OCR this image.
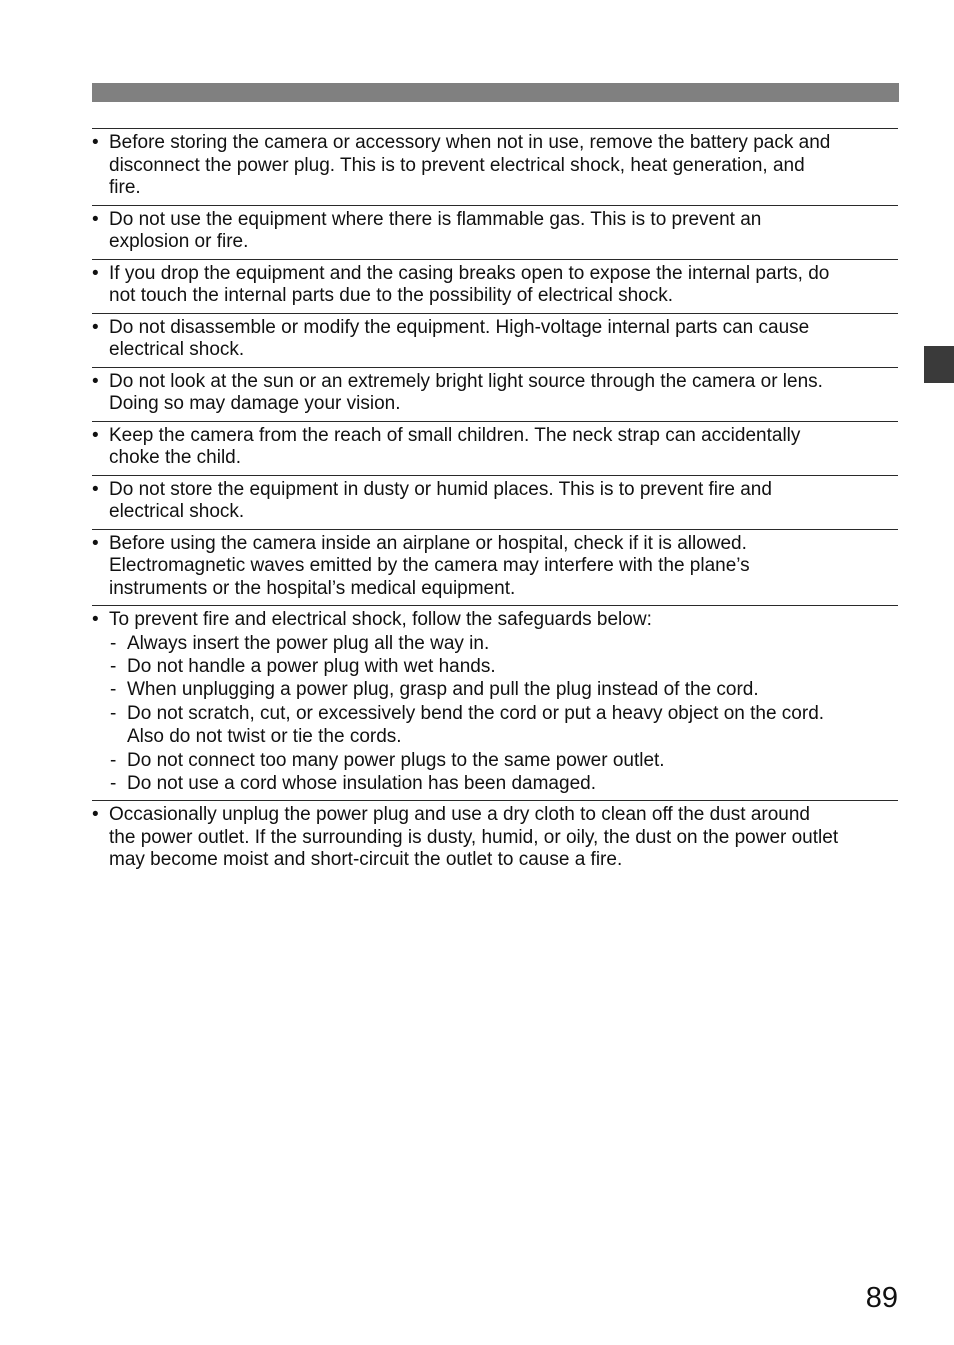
• Before storing the camera or accessory when not in use, remove the battery pack and
disconnect the power plug. This is to prevent electrical shock, heat generation, and
fire.
• Do not use the equipment where there is flammable gas. This is to prevent an
explosion or fire.
• If you drop the equipment and the casing breaks open to expose the internal parts, do
not touch the internal parts due to the possibility of electrical shock.
• Do not disassemble or modify the equipment. High-voltage internal parts can cause
electrical shock.
• Do not look at the sun or an extremely bright light source through the camera or lens.
Doing so may damage your vision.
• Keep the camera from the reach of small children. The neck strap can accidentally
choke the child.
• Do not store the equipment in dusty or humid places. This is to prevent fire and
electrical shock.
• Before using the camera inside an airplane or hospital, check if it is allowed.
Electromagnetic waves emitted by the camera may interfere with the plane’s
instruments or the hospital’s medical equipment.
• To prevent fire and electrical shock, follow the safeguards below:
- Always insert the power plug all the way in.
- Do not handle a power plug with wet hands.
- When unplugging a power plug, grasp and pull the plug instead of the cord.
- Do not scratch, cut, or excessively bend the cord or put a heavy object on the cord.
Also do not twist or tie the cords.
- Do not connect too many power plugs to the same power outlet.
- Do not use a cord whose insulation has been damaged.
• Occasionally unplug the power plug and use a dry cloth to clean off the dust around
the power outlet. If the surrounding is dusty, humid, or oily, the dust on the power outlet
may become moist and short-circuit the outlet to cause a fire.
89
